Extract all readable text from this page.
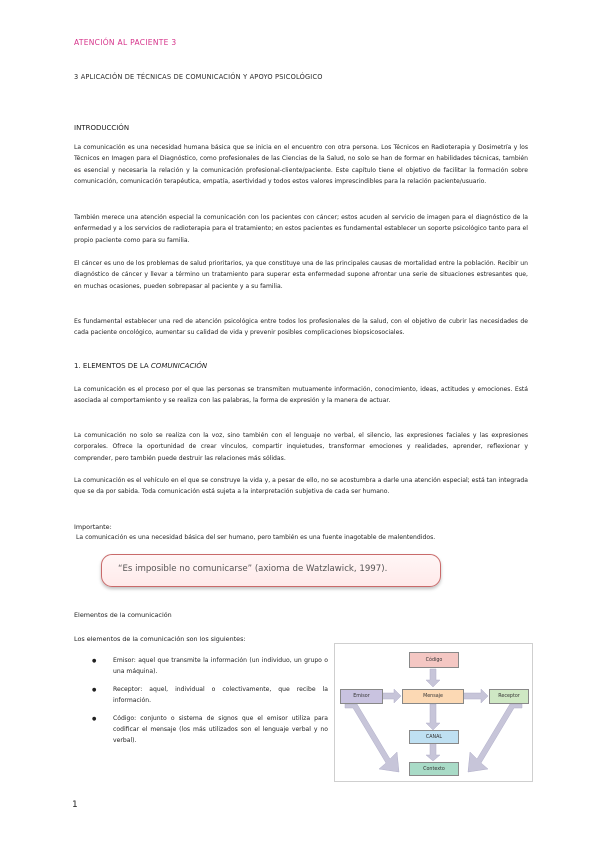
ATENCIÓN AL PACIENTE 3
3 APLICACIÓN DE TÉCNICAS DE COMUNICACIÓN Y APOYO PSICOLÓGICO
INTRODUCCIÓN
La comunicación es una necesidad humana básica que se inicia en el encuentro con otra persona. Los Técnicos en Radioterapia y Dosimetría y los Técnicos en Imagen para el Diagnóstico, como profesionales de las Ciencias de la Salud, no solo se han de formar en habilidades técnicas, también es esencial y necesaria la relación y la comunicación profesional-cliente/paciente. Este capítulo tiene el objetivo de facilitar la formación sobre comunicación, comunicación terapéutica, empatía, asertividad y todos estos valores imprescindibles para la relación paciente/usuario.
También merece una atención especial la comunicación con los pacientes con cáncer; estos acuden al servicio de imagen para el diagnóstico de la enfermedad y a los servicios de radioterapia para el tratamiento; en estos pacientes es fundamental establecer un soporte psicológico tanto para el propio paciente como para su familia.
El cáncer es uno de los problemas de salud prioritarios, ya que constituye una de las principales causas de mortalidad entre la población. Recibir un diagnóstico de cáncer y llevar a término un tratamiento para superar esta enfermedad supone afrontar una serie de situaciones estresantes que, en muchas ocasiones, pueden sobrepasar al paciente y a su familia.
Es fundamental establecer una red de atención psicológica entre todos los profesionales de la salud, con el objetivo de cubrir las necesidades de cada paciente oncológico, aumentar su calidad de vida y prevenir posibles complicaciones biopsicosociales.
1. ELEMENTOS DE LA COMUNICACIÓN
La comunicación es el proceso por el que las personas se transmiten mutuamente información, conocimiento, ideas, actitudes y emociones. Está asociada al comportamiento y se realiza con las palabras, la forma de expresión y la manera de actuar.
La comunicación no solo se realiza con la voz, sino también con el lenguaje no verbal, el silencio, las expresiones faciales y las expresiones corporales. Ofrece la oportunidad de crear vínculos, compartir inquietudes, transformar emociones y realidades, aprender, reflexionar y comprender, pero también puede destruir las relaciones más sólidas.
La comunicación es el vehículo en el que se construye la vida y, a pesar de ello, no se acostumbra a darle una atención especial; está tan integrada que se da por sabida. Toda comunicación está sujeta a la interpretación subjetiva de cada ser humano.
Importante:
La comunicación es una necesidad básica del ser humano, pero también es una fuente inagotable de malentendidos.
“Es imposible no comunicarse” (axioma de Watzlawick, 1997).
Elementos de la comunicación
Los elementos de la comunicación son los siguientes:
● Emisor: aquel que transmite la información (un individuo, un grupo o una máquina).
● Receptor: aquel, individual o colectivamente, que recibe la información.
● Código: conjunto o sistema de signos que el emisor utiliza para codificar el mensaje (los más utilizados son el lenguaje verbal y no verbal).
Código
Emisor	Mensaje	Receptor
CANAL
Contexto
1
